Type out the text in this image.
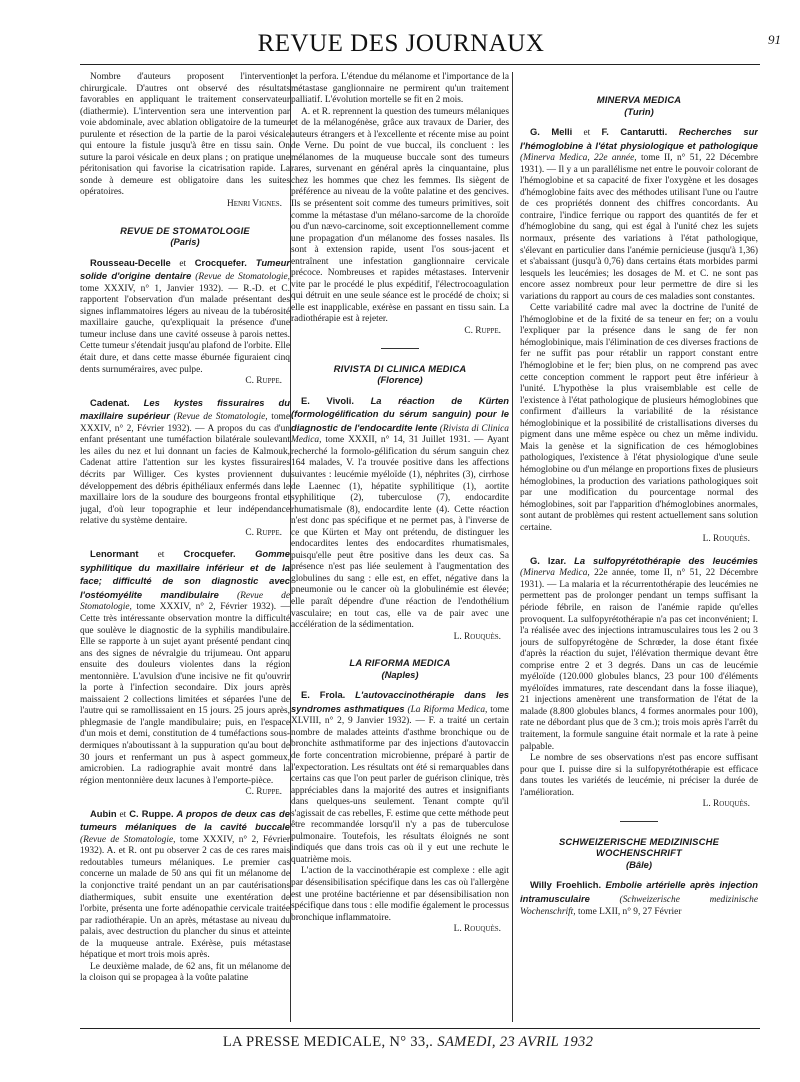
REVUE DES JOURNAUX	91

Nombre d'auteurs proposent l'intervention chirurgicale. D'autres ont observé des résultats favorables en appliquant le traitement conservateur (diathermie). L'intervention sera une intervention par voie abdominale, avec ablation obligatoire de la tumeur purulente et résection de la partie de la paroi vésicale qui entoure la fistule jusqu'à être en tissu sain. On suture la paroi vésicale en deux plans ; on pratique une péritonisation qui favorise la cicatrisation rapide. La sonde à demeure est obligatoire dans les suites opératoires.

Henri Vignes.

REVUE DE STOMATOLOGIE
(Paris)

Rousseau-Decelle et Crocquefer. Tumeur solide d'origine dentaire (Revue de Stomatologie, tome XXXIV, n° 1, Janvier 1932). — R.-D. et C. rapportent l'observation d'un malade présentant des signes inflammatoires légers au niveau de la tubérosité maxillaire gauche, qu'expliquait la présence d'une tumeur incluse dans une cavité osseuse à parois nettes. Cette tumeur s'étendait jusqu'au plafond de l'orbite. Elle était dure, et dans cette masse éburnée figuraient cinq dents surnuméraires, avec pulpe.

C. Ruppe.

Cadenat. Les kystes fissuraires du maxillaire supérieur (Revue de Stomatologie, tome XXXIV, n° 2, Février 1932). — A propos du cas d'un enfant présentant une tuméfaction bilatérale soulevant les ailes du nez et lui donnant un facies de Kalmouk, Cadenat attire l'attention sur les kystes fissuraires décrits par Williger. Ces kystes proviennent du développement des débris épithéliaux enfermés dans le maxillaire lors de la soudure des bourgeons frontal et jugal, d'où leur topographie et leur indépendance relative du système dentaire.

C. Ruppe.

Lenormant et Crocquefer. Gomme syphilitique du maxillaire inférieur et de la face; difficulté de son diagnostic avec l'ostéomyélite mandibulaire (Revue de Stomatologie, tome XXXIV, n° 2, Février 1932). — Cette très intéressante observation montre la difficulté que soulève le diagnostic de la syphilis mandibulaire. Elle se rapporte à un sujet ayant présenté pendant cinq ans des signes de névralgie du trijumeau. Ont apparu ensuite des douleurs violentes dans la région mentonnière. L'avulsion d'une incisive ne fit qu'ouvrir la porte à l'infection secondaire. Dix jours après maissaient 2 collections limitées et séparées l'une de l'autre qui se ramollissaient en 15 jours. 25 jours après, phlegmasie de l'angle mandibulaire; puis, en l'espace d'un mois et demi, constitution de 4 tuméfactions sous-dermiques n'aboutissant à la suppuration qu'au bout de 30 jours et renfermant un pus à aspect gommeux, amicrobien. La radiographie avait montré dans la région mentonnière deux lacunes à l'emporte-pièce.

C. Ruppe.

Aubin et C. Ruppe. A propos de deux cas de tumeurs mélaniques de la cavité buccale (Revue de Stomatologie, tome XXXIV, n° 2, Février 1932). A. et R. ont pu observer 2 cas de ces rares mais redoutables tumeurs mélaniques. Le premier cas concerne un malade de 50 ans qui fit un mélanome de la conjonctive traité pendant un an par cautérisations diathermiques, subit ensuite une exentération de l'orbite, présenta une forte adénopathie cervicale traitée par radiothérapie. Un an après, métastase au niveau du palais, avec destruction du plancher du sinus et atteinte de la muqueuse antrale. Exérèse, puis métastase hépatique et mort trois mois après.

Le deuxième malade, de 62 ans, fit un mélanome de la cloison qui se propagea à la voûte palatine

et la perfora. L'étendue du mélanome et l'importance de la métastase ganglionnaire ne permirent qu'un traitement palliatif. L'évolution mortelle se fit en 2 mois.

A. et R. reprennent la question des tumeurs mélaniques et de la mélanogénèse, grâce aux travaux de Darier, des auteurs étrangers et à l'excellente et récente mise au point de Verne. Du point de vue buccal, ils concluent : les mélanomes de la muqueuse buccale sont des tumeurs rares, survenant en général après la cinquantaine, plus chez les hommes que chez les femmes. Ils siègent de préférence au niveau de la voûte palatine et des gencives. Ils se présentent soit comme des tumeurs primitives, soit comme la métastase d'un mélano-sarcome de la choroïde ou d'un nævo-carcinome, soit exceptionnellement comme une propagation d'un mélanome des fosses nasales. Ils sont à extension rapide, usent l'os sous-jacent et entraînent une infestation ganglionnaire cervicale précoce. Nombreuses et rapides métastases. Intervenir vite par le procédé le plus expéditif, l'électrocoagulation qui détruit en une seule séance est le procédé de choix; si elle est inapplicable, exérèse en passant en tissu sain. La radiothérapie est à rejeter.

C. Ruppe.

RIVISTA DI CLINICA MEDICA
(Florence)

E. Vivoli. La réaction de Kürten (formologélification du sérum sanguin) pour le diagnostic de l'endocardite lente (Rivista di Clinica Medica, tome XXXII, n° 14, 31 Juillet 1931. — Ayant recherché la formolo-gélification du sérum sanguin chez 164 malades, V. l'a trouvée positive dans les affections suivantes : leucémie myéloïde (1), néphrites (3), cirrhose de Laennec (1), hépatite syphilitique (1), aortite syphilitique (2), tuberculose (7), endocardite rhumatismale (8), endocardite lente (4). Cette réaction n'est donc pas spécifique et ne permet pas, à l'inverse de ce que Kürten et May ont prétendu, de distinguer les endocardites lentes des endocardites rhumatismales, puisqu'elle peut être positive dans les deux cas. Sa présence n'est pas liée seulement à l'augmentation des globulines du sang : elle est, en effet, négative dans la pneumonie ou le cancer où la globulinémie est élevée; elle paraît dépendre d'une réaction de l'endothélium vasculaire; en tout cas, elle va de pair avec une accélération de la sédimentation.

L. Rouquès.

LA RIFORMA MEDICA
(Naples)

E. Frola. L'autovaccinothérapie dans les syndromes asthmatiques (La Riforma Medica, tome XLVIII, n° 2, 9 Janvier 1932). — F. a traité un certain nombre de malades atteints d'asthme bronchique ou de bronchite asthmatiforme par des injections d'autovaccin de forte concentration microbienne, préparé à partir de l'expectoration. Les résultats ont été si remarquables dans certains cas que l'on peut parler de guérison clinique, très appréciables dans la majorité des autres et insignifiants dans quelques-uns seulement. Tenant compte qu'il s'agissait de cas rebelles, F. estime que cette méthode peut être recommandée lorsqu'il n'y a pas de tuberculose pulmonaire. Toutefois, les résultats éloignés ne sont indiqués que dans trois cas où il y eut une rechute le quatrième mois.

L'action de la vaccinothérapie est complexe : elle agit par désensibilisation spécifique dans les cas où l'allergène est une protéine bactérienne et par désensibilisation non spécifique dans tous : elle modifie également le processus bronchique inflammatoire.

L. Rouquès.

MINERVA MEDICA
(Turin)

G. Melli et F. Cantarutti. Recherches sur l'hémoglobine à l'état physiologique et pathologique (Minerva Medica, 22e année, tome II, n° 51, 22 Décembre 1931). — Il y a un parallélisme net entre le pouvoir colorant de l'hémoglobine et sa capacité de fixer l'oxygène et les dosages d'hémoglobine faits avec des méthodes utilisant l'une ou l'autre de ces propriétés donnent des chiffres concordants. Au contraire, l'indice ferrique ou rapport des quantités de fer et d'hémoglobine du sang, qui est égal à l'unité chez les sujets normaux, présente des variations à l'état pathologique, s'élevant en particulier dans l'anémie pernicieuse (jusqu'à 1,36) et s'abaissant (jusqu'à 0,76) dans certains états morbides parmi lesquels les leucémies; les dosages de M. et C. ne sont pas encore assez nombreux pour leur permettre de dire si les variations du rapport au cours de ces maladies sont constantes.

Cette variabilité cadre mal avec la doctrine de l'unité de l'hémoglobine et de la fixité de sa teneur en fer; on a voulu l'expliquer par la présence dans le sang de fer non hémoglobinique, mais l'élimination de ces diverses fractions de fer ne suffit pas pour rétablir un rapport constant entre l'hémoglobine et le fer; bien plus, on ne comprend pas avec cette conception comment le rapport peut être inférieur à l'unité. L'hypothèse la plus vraisemblable est celle de l'existence à l'état pathologique de plusieurs hémoglobines que confirment d'ailleurs la variabilité de la résistance hémoglobinique et la possibilité de cristallisations diverses du pigment dans une même espèce ou chez un même individu. Mais la genèse et la signification de ces hémoglobines pathologiques, l'existence à l'état physiologique d'une seule hémoglobine ou d'un mélange en proportions fixes de plusieurs hémoglobines, la production des variations pathologiques soit par une modification du pourcentage normal des hémoglobines, soit par l'apparition d'hémoglobines anormales, sont autant de problèmes qui restent actuellement sans solution certaine.

L. Rouquès.

G. Izar. La sulfopyrétothérapie des leucémies (Minerva Medica, 22e année, tome II, n° 51, 22 Décembre 1931). — La malaria et la récurrentothérapie des leucémies ne permettent pas de prolonger pendant un temps suffisant la période fébrile, en raison de l'anémie rapide qu'elles provoquent. La sulfopyrétothérapie n'a pas cet inconvénient; I. l'a réalisée avec des injections intramusculaires tous les 2 ou 3 jours de sulfopyrétogène de Schrœder, la dose étant fixée d'après la réaction du sujet, l'élévation thermique devant être comprise entre 2 et 3 degrés. Dans un cas de leucémie myéloïde (120.000 globules blancs, 23 pour 100 d'éléments myéloïdes immatures, rate descendant dans la fosse iliaque), 21 injections amenèrent une transformation de l'état de la malade (8.800 globules blancs, 4 formes anormales pour 100), rate ne débordant plus que de 3 cm.); trois mois après l'arrêt du traitement, la formule sanguine était normale et la rate à peine palpable.

Le nombre de ses observations n'est pas encore suffisant pour que I. puisse dire si la sulfopyrétothérapie est efficace dans toutes les variétés de leucémie, ni préciser la durée de l'amélioration.

L. Rouquès.

SCHWEIZERISCHE MEDIZINISCHE WOCHENSCHRIFT
(Bâle)

Willy Froehlich. Embolie artérielle après injection intramusculaire (Schweizerische medizinische Wochenschrift, tome LXII, n° 9, 27 Février

LA PRESSE MEDICALE, N° 33,. SAMEDI, 23 AVRIL 1932
